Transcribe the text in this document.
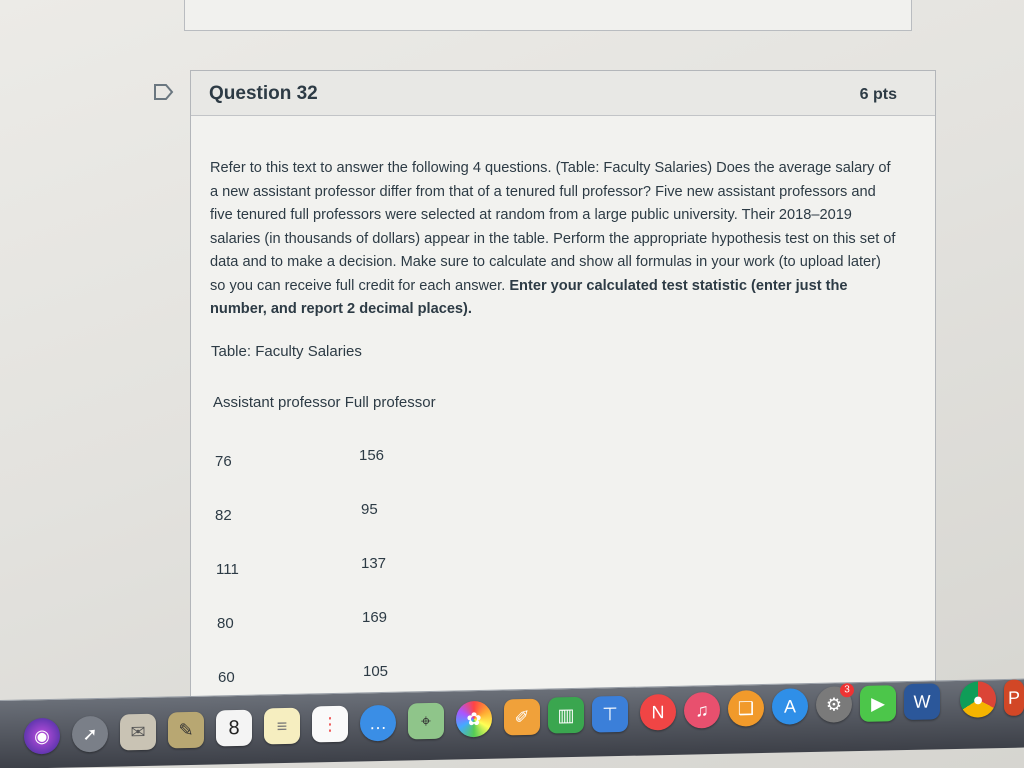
Question 32	6 pts
Refer to this text to answer the following 4 questions. (Table: Faculty Salaries) Does the average salary of a new assistant professor differ from that of a tenured full professor? Five new assistant professors and five tenured full professors were selected at random from a large public university. Their 2018–2019 salaries (in thousands of dollars) appear in the table. Perform the appropriate hypothesis test on this set of data and to make a decision. Make sure to calculate and show all formulas in your work (to upload later) so you can receive full credit for each answer. Enter your calculated test statistic (enter just the number, and report 2 decimal places).
Table: Faculty Salaries
Assistant professor Full professor
76	156
82	95
111	137
80	169
60	105
◉	➚	✉	✎	8	≡	⋮	…	⌖	✿	✐	▥	⊤	N	♫	❑	A	⚙
3
▶	W	●	P
